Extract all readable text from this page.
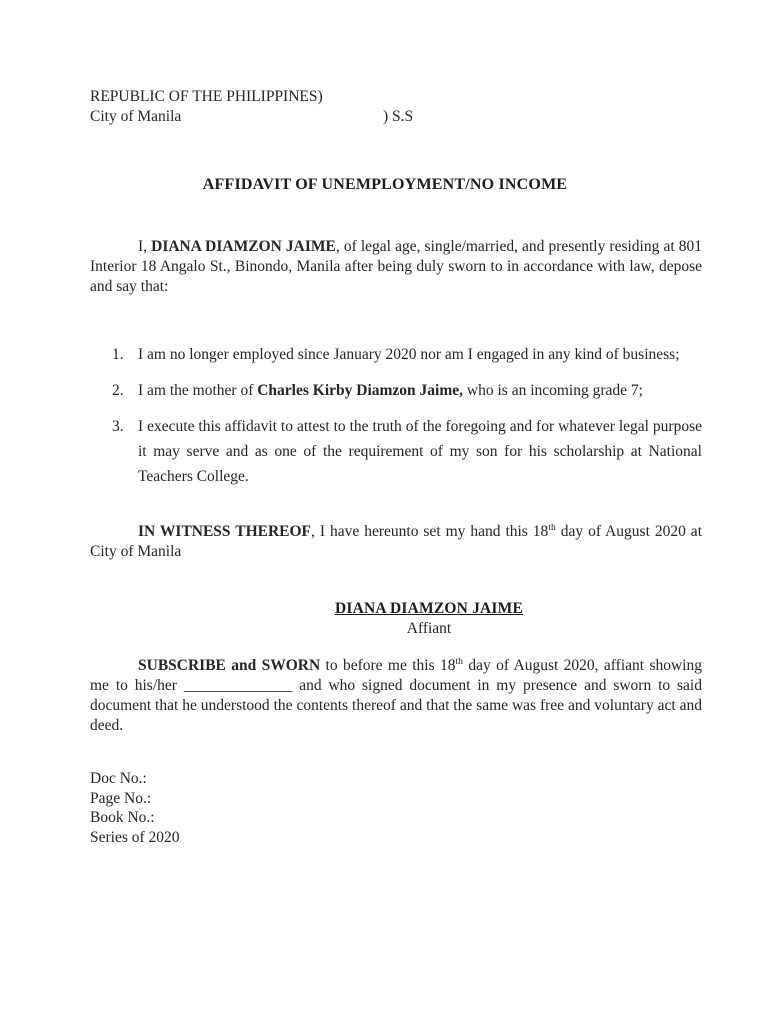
REPUBLIC OF THE PHILIPPINES)
City of Manila	) S.S
AFFIDAVIT OF UNEMPLOYMENT/NO INCOME

I, DIANA DIAMZON JAIME, of legal age, single/married, and presently residing at 801 Interior 18 Angalo St., Binondo, Manila after being duly sworn to in accordance with law, depose and say that:

1. I am no longer employed since January 2020 nor am I engaged in any kind of business;
2. I am the mother of Charles Kirby Diamzon Jaime, who is an incoming grade 7;
3. I execute this affidavit to attest to the truth of the foregoing and for whatever legal purpose it may serve and as one of the requirement of my son for his scholarship at National Teachers College.

IN WITNESS THEREOF, I have hereunto set my hand this 18th day of August 2020 at City of Manila

DIANA DIAMZON JAIME
Affiant

SUBSCRIBE and SWORN to before me this 18th day of August 2020, affiant showing me to his/her ______________ and who signed document in my presence and sworn to said document that he understood the contents thereof and that the same was free and voluntary act and deed.

Doc No.:
Page No.:
Book No.:
Series of 2020
